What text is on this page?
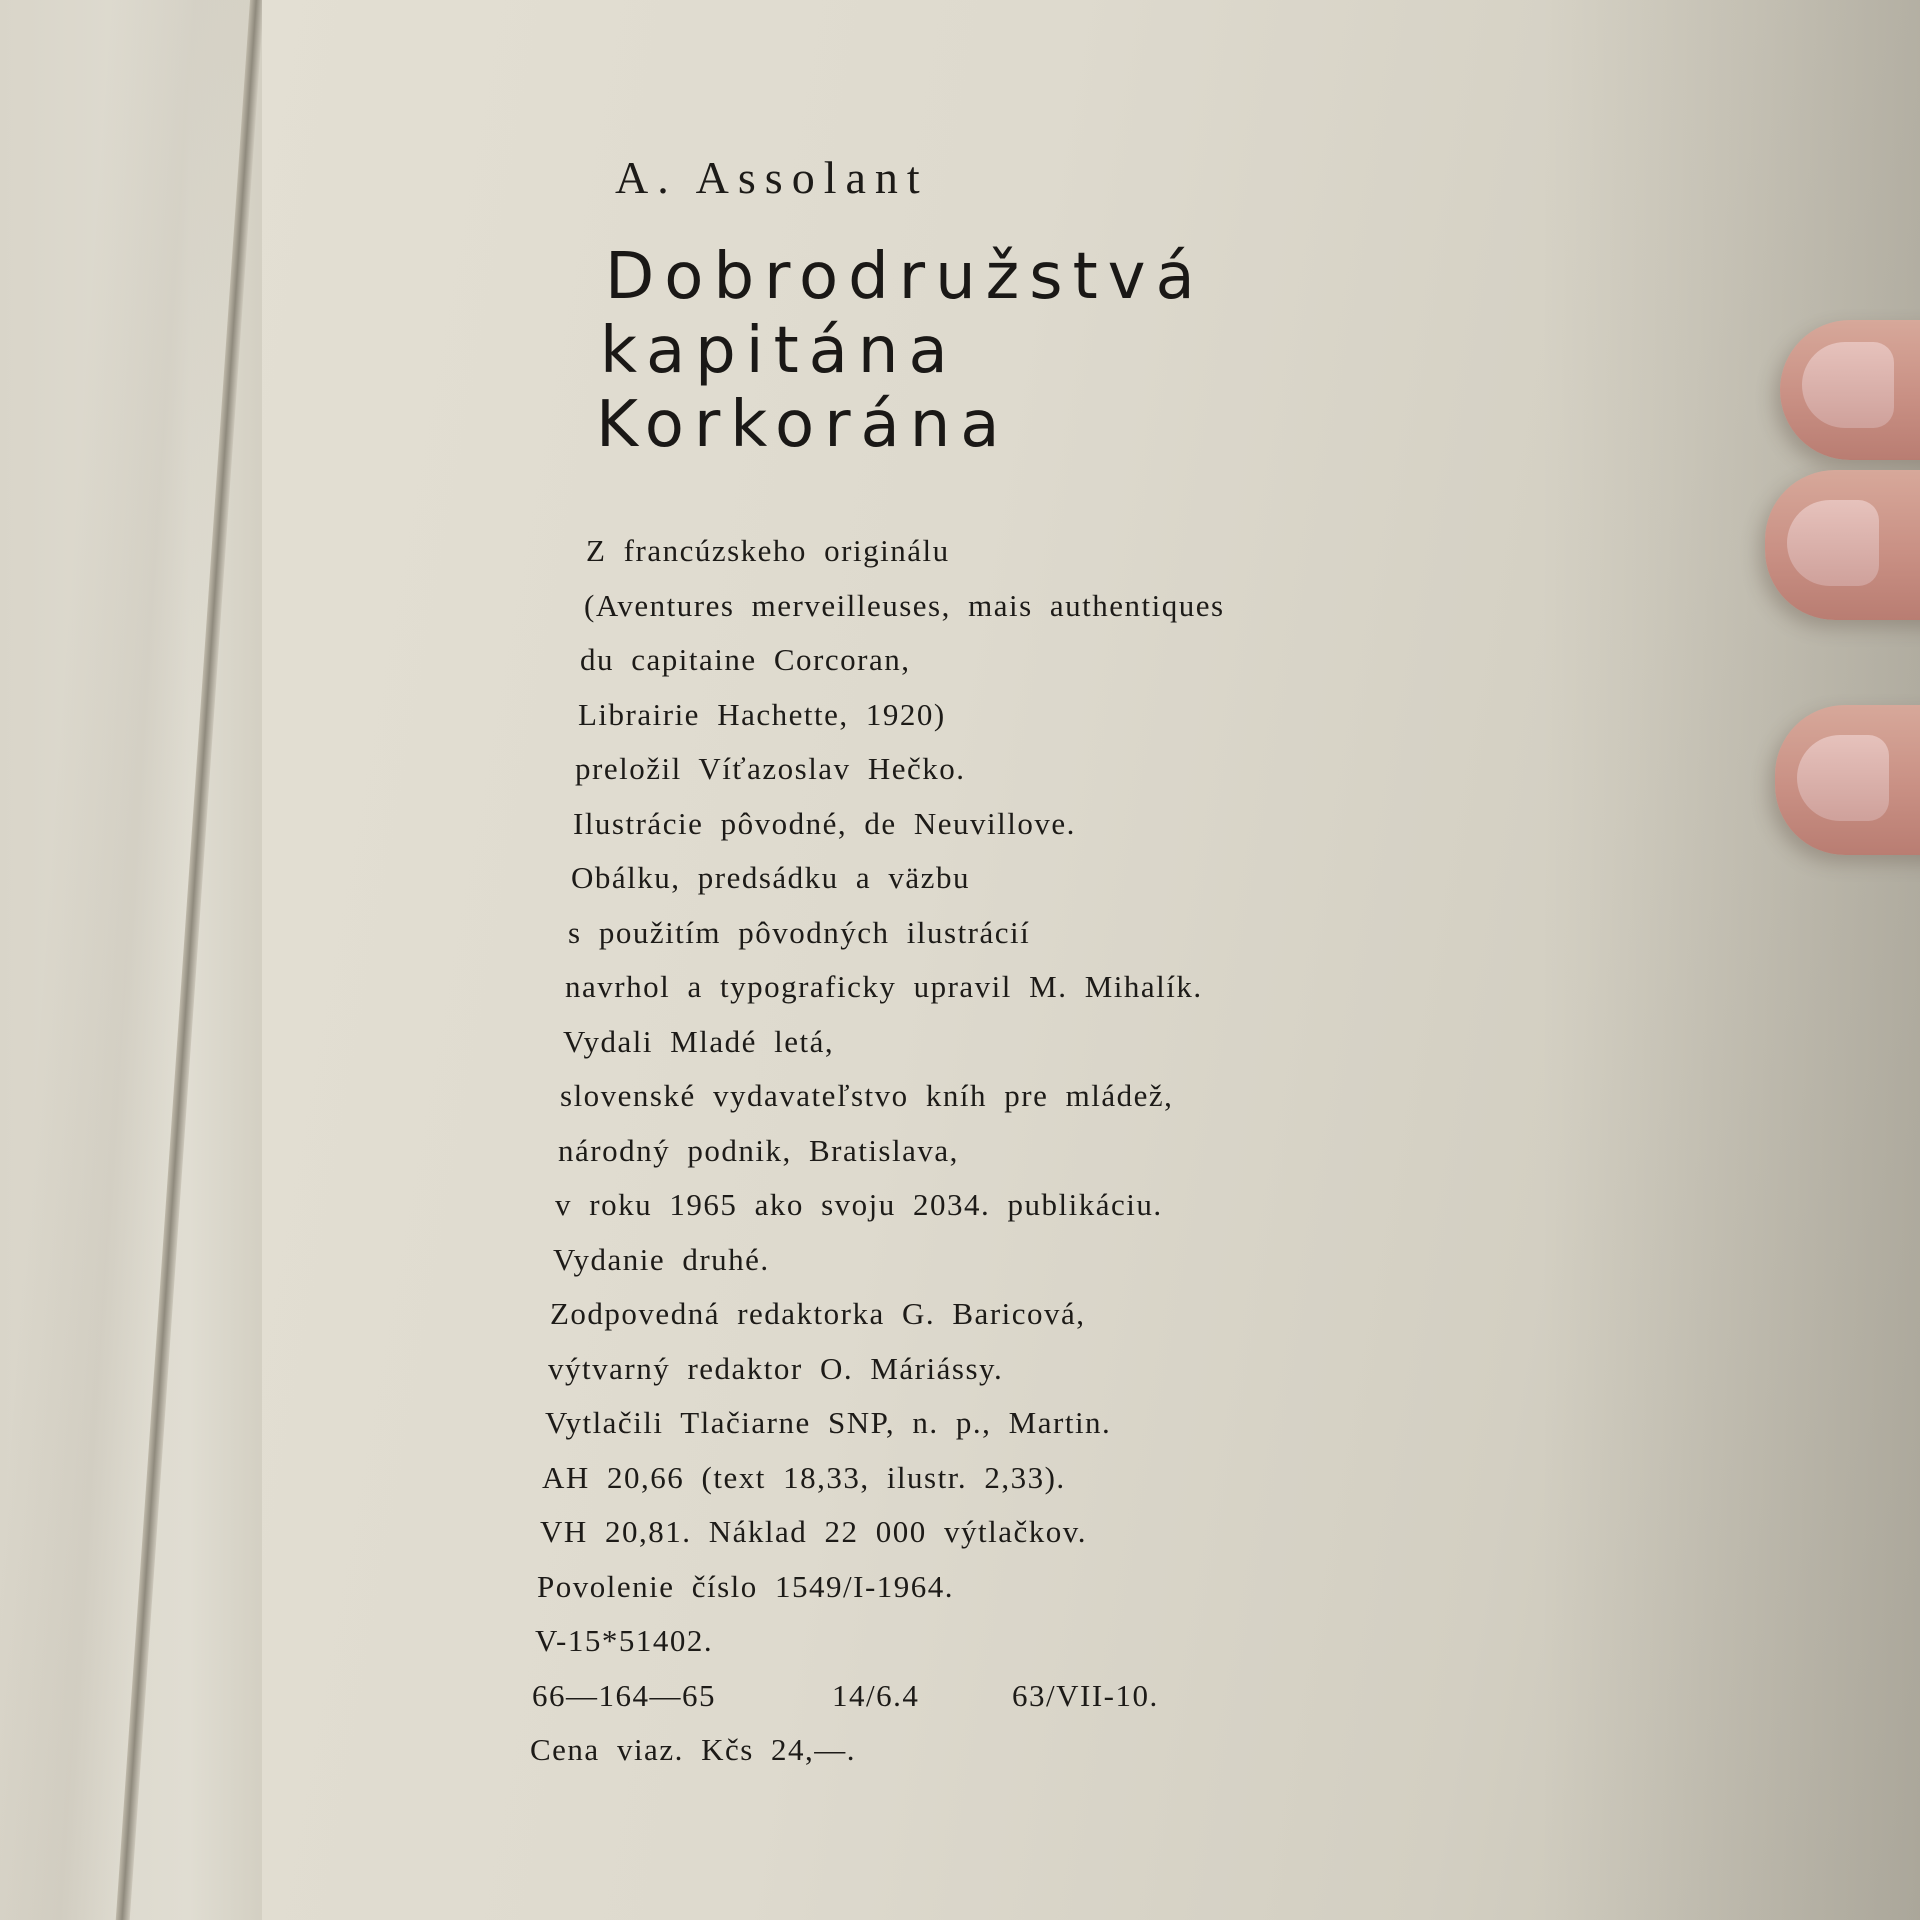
A. Assolant
Dobrodružstvá
kapitána
Korkorána
Z francúzskeho originálu
(Aventures merveilleuses, mais authentiques
du capitaine Corcoran,
Librairie Hachette, 1920)
preložil Víťazoslav Hečko.
Ilustrácie pôvodné, de Neuvillove.
Obálku, predsádku a väzbu
s použitím pôvodných ilustrácií
navrhol a typograficky upravil M. Mihalík.
Vydali Mladé letá,
slovenské vydavateľstvo kníh pre mládež,
národný podnik, Bratislava,
v roku 1965 ako svoju 2034. publikáciu.
Vydanie druhé.
Zodpovedná redaktorka G. Baricová,
výtvarný redaktor O. Máriássy.
Vytlačili Tlačiarne SNP, n. p., Martin.
AH 20,66 (text 18,33, ilustr. 2,33).
VH 20,81. Náklad 22 000 výtlačkov.
Povolenie číslo 1549/I-1964.
V-15*51402.
66—164—65	14/6.4	63/VII-10.
Cena viaz. Kčs 24,—.
